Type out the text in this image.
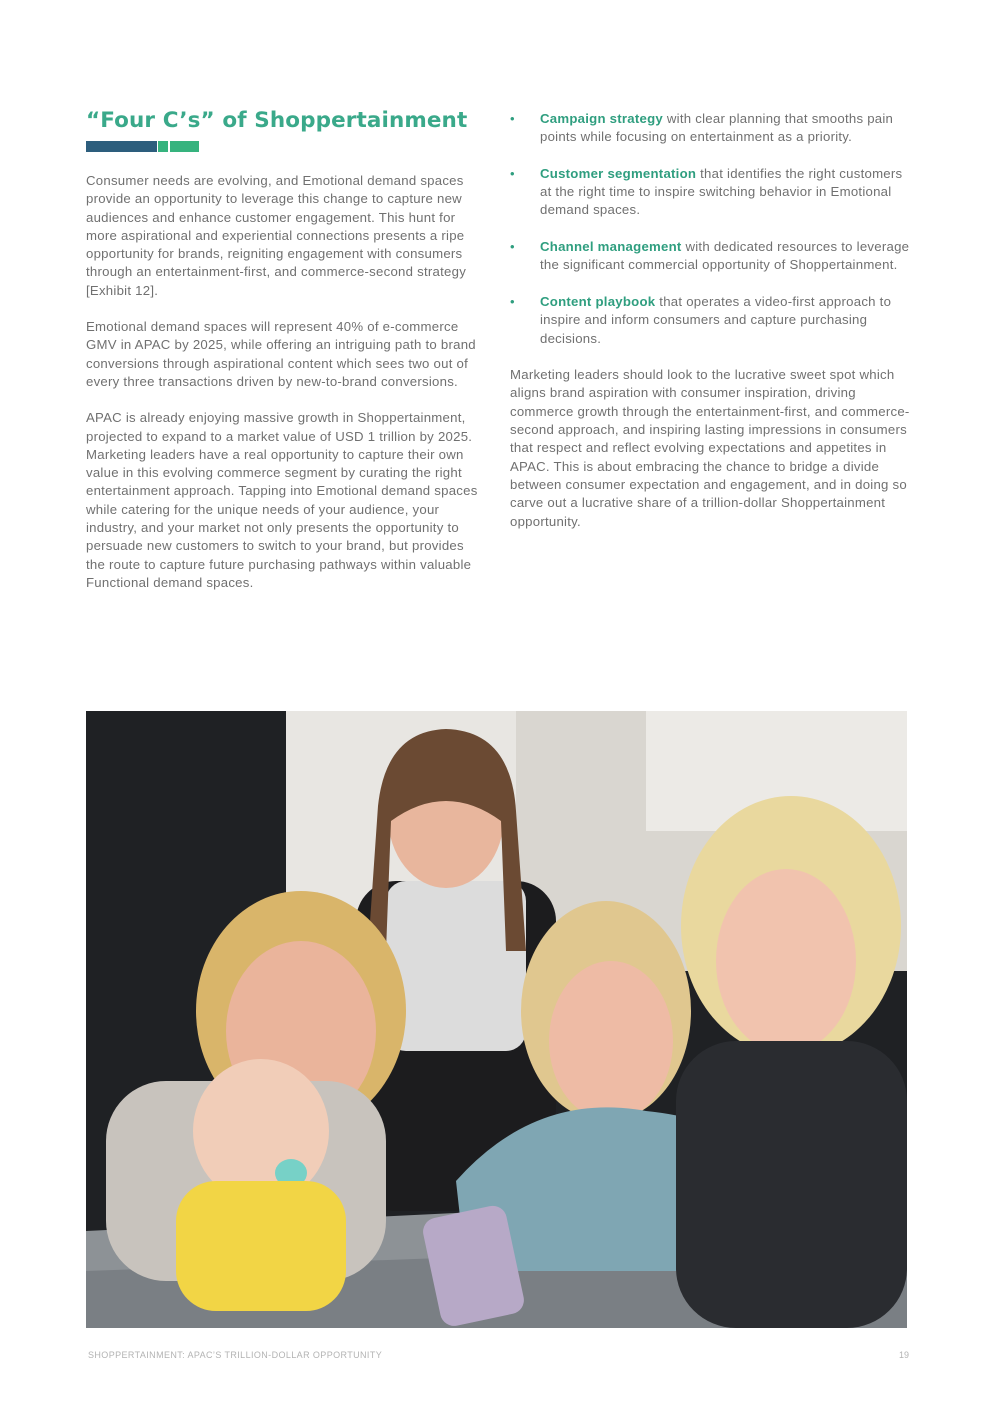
“Four C’s” of Shoppertainment

Consumer needs are evolving, and Emotional demand spaces provide an opportunity to leverage this change to capture new audiences and enhance customer engagement. This hunt for more aspirational and experiential connections presents a ripe opportunity for brands, reigniting engagement with consumers through an entertainment-first, and commerce-second strategy [Exhibit 12].

Emotional demand spaces will represent 40% of e-commerce GMV in APAC by 2025, while offering an intriguing path to brand conversions through aspirational content which sees two out of every three transactions driven by new-to-brand conversions.

APAC is already enjoying massive growth in Shoppertainment, projected to expand to a market value of USD 1 trillion by 2025. Marketing leaders have a real opportunity to capture their own value in this evolving commerce segment by curating the right entertainment approach. Tapping into Emotional demand spaces while catering for the unique needs of your audience, your industry, and your market not only presents the opportunity to persuade new customers to switch to your brand, but provides the route to capture future purchasing pathways within valuable Functional demand spaces.

• Campaign strategy with clear planning that smooths pain points while focusing on entertainment as a priority.
• Customer segmentation that identifies the right customers at the right time to inspire switching behavior in Emotional demand spaces.
• Channel management with dedicated resources to leverage the significant commercial opportunity of Shoppertainment.
• Content playbook that operates a video-first approach to inspire and inform consumers and capture purchasing decisions.

Marketing leaders should look to the lucrative sweet spot which aligns brand aspiration with consumer inspiration, driving commerce growth through the entertainment-first, and commerce-second approach, and inspiring lasting impressions in consumers that respect and reflect evolving expectations and appetites in APAC. This is about embracing the chance to bridge a divide between consumer expectation and engagement, and in doing so carve out a lucrative share of a trillion-dollar Shoppertainment opportunity.

SHOPPERTAINMENT: APAC’S TRILLION-DOLLAR OPPORTUNITY	19
